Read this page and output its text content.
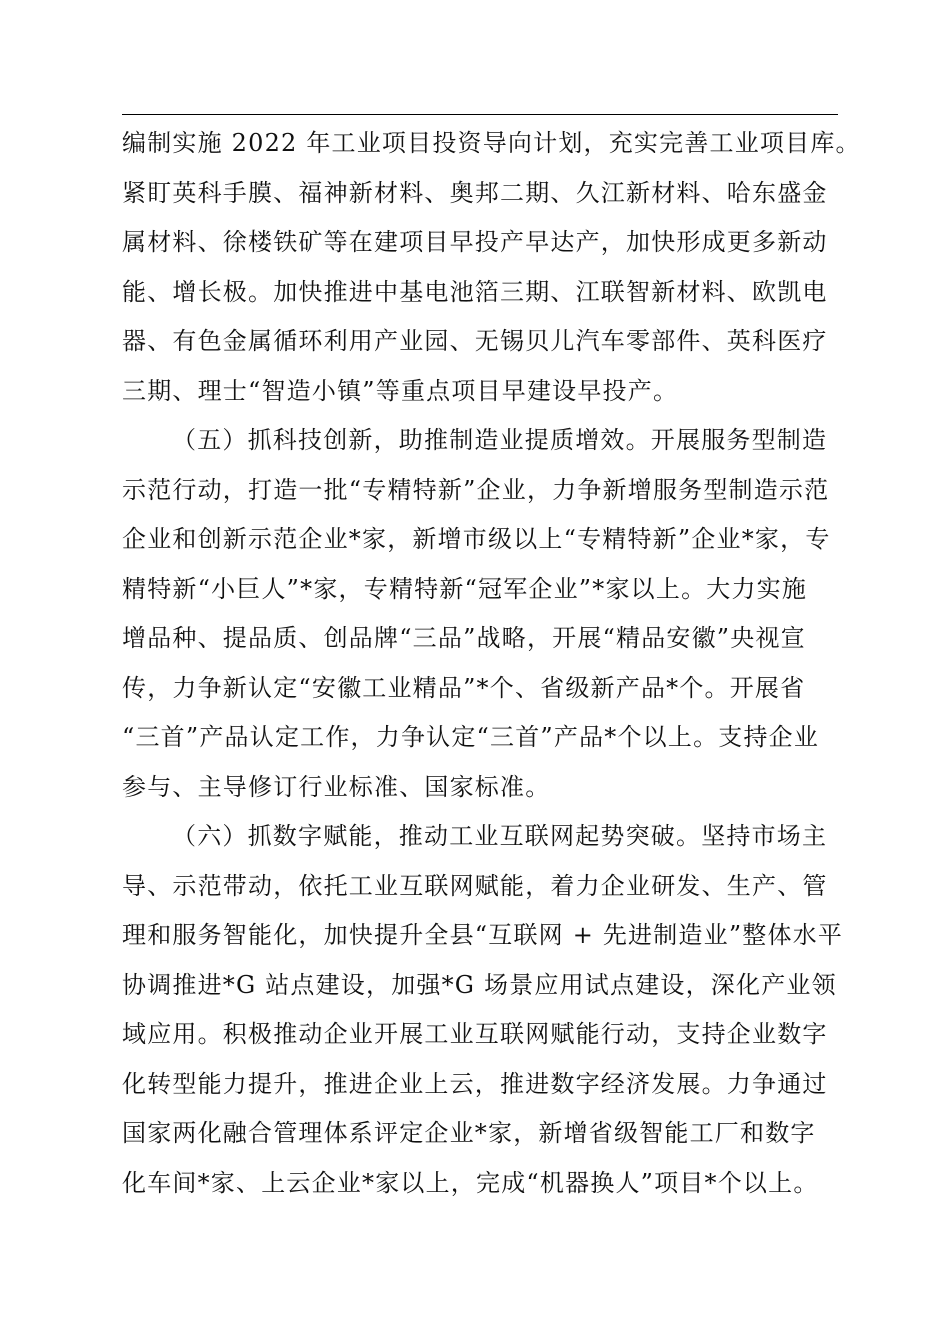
编制实施 2022 年工业项目投资导向计划，充实完善工业项目库。
紧盯英科手膜、福神新材料、奥邦二期、久江新材料、哈东盛金
属材料、徐楼铁矿等在建项目早投产早达产，加快形成更多新动
能、增长极。加快推进中基电池箔三期、江联智新材料、欧凯电
器、有色金属循环利用产业园、无锡贝儿汽车零部件、英科医疗
三期、理士“智造小镇”等重点项目早建设早投产。
（五）抓科技创新，助推制造业提质增效。开展服务型制造
示范行动，打造一批“专精特新”企业，力争新增服务型制造示范
企业和创新示范企业*家，新增市级以上“专精特新”企业*家，专
精特新“小巨人”*家，专精特新“冠军企业”*家以上。大力实施
增品种、提品质、创品牌“三品”战略，开展“精品安徽”央视宣
传，力争新认定“安徽工业精品”*个、省级新产品*个。开展省
“三首”产品认定工作，力争认定“三首”产品*个以上。支持企业
参与、主导修订行业标准、国家标准。
（六）抓数字赋能，推动工业互联网起势突破。坚持市场主
导、示范带动，依托工业互联网赋能，着力企业研发、生产、管
理和服务智能化，加快提升全县“互联网 + 先进制造业”整体水平
协调推进*G 站点建设，加强*G 场景应用试点建设，深化产业领
域应用。积极推动企业开展工业互联网赋能行动，支持企业数字
化转型能力提升，推进企业上云，推进数字经济发展。力争通过
国家两化融合管理体系评定企业*家，新增省级智能工厂和数字
化车间*家、上云企业*家以上，完成“机器换人”项目*个以上。
